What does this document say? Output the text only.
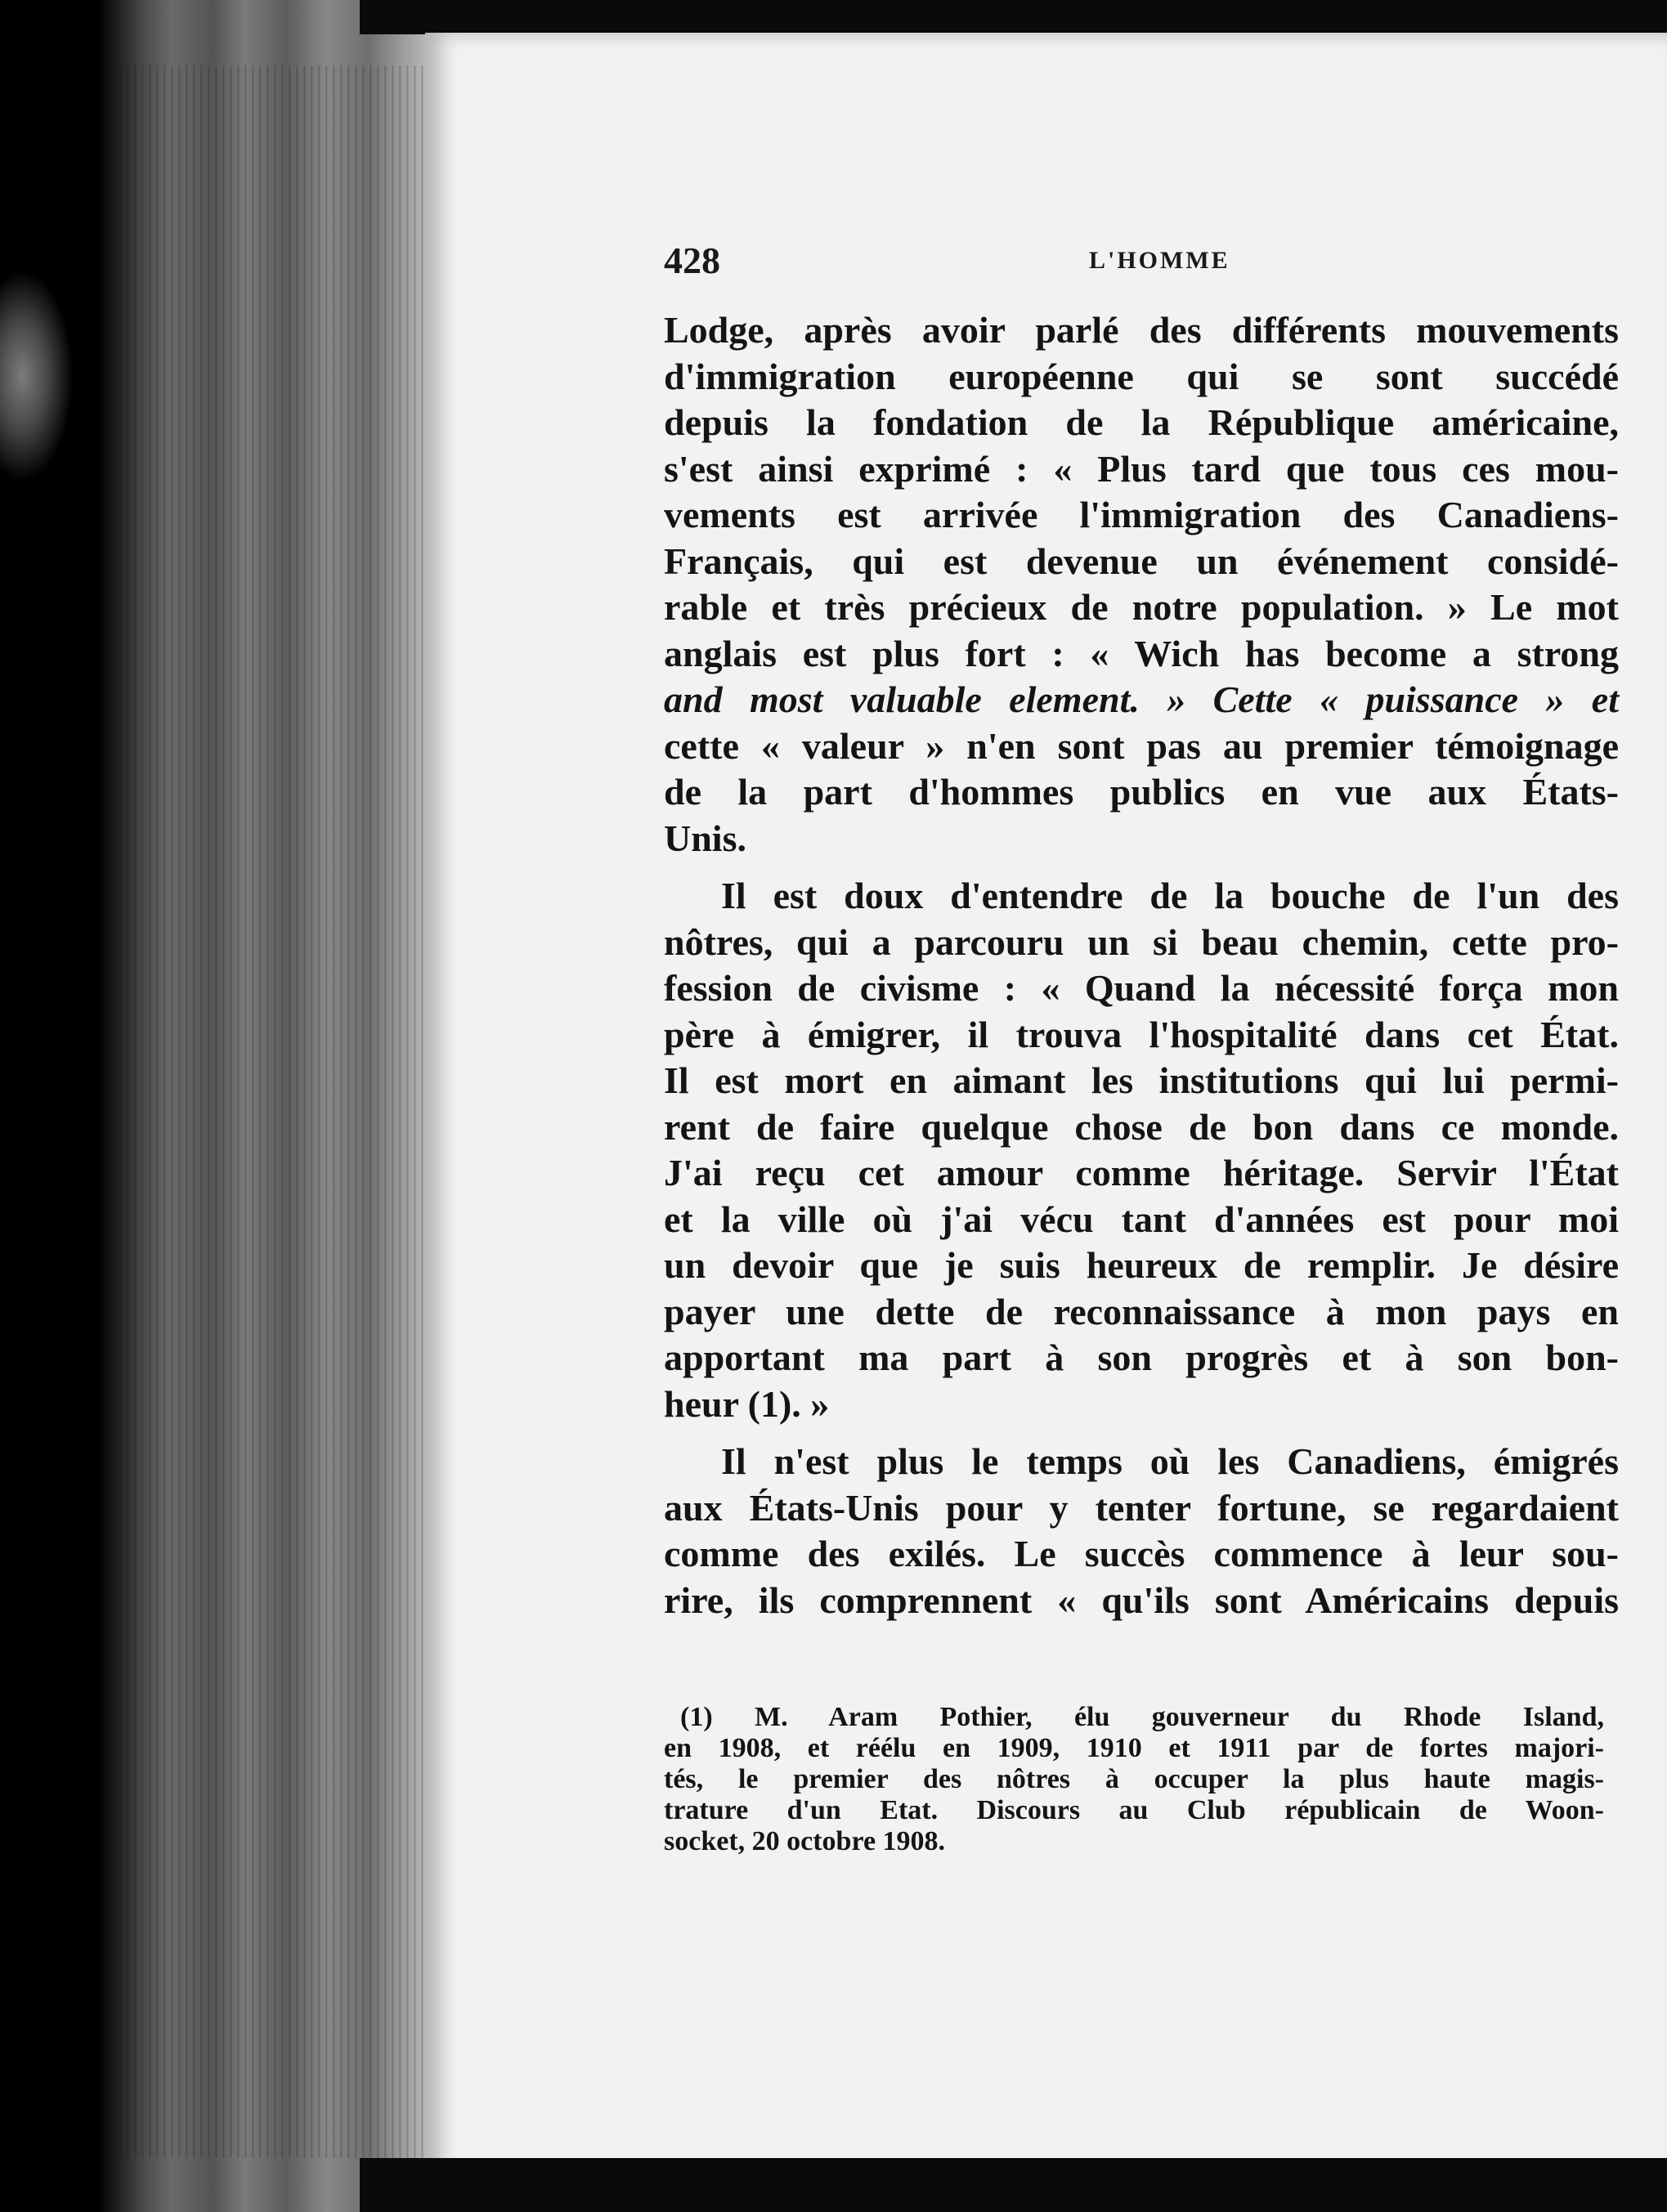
428	L'HOMME

Lodge, après avoir parlé des différents mouvements
d'immigration européenne qui se sont succédé
depuis la fondation de la République américaine,
s'est ainsi exprimé : « Plus tard que tous ces mou-
vements est arrivée l'immigration des Canadiens-
Français, qui est devenue un événement considé-
rable et très précieux de notre population. » Le mot
anglais est plus fort : « Wich has become a strong
and most valuable element. » Cette « puissance » et
cette « valeur » n'en sont pas au premier témoignage
de la part d'hommes publics en vue aux États-
Unis.

Il est doux d'entendre de la bouche de l'un des
nôtres, qui a parcouru un si beau chemin, cette pro-
fession de civisme : « Quand la nécessité força mon
père à émigrer, il trouva l'hospitalité dans cet État.
Il est mort en aimant les institutions qui lui permi-
rent de faire quelque chose de bon dans ce monde.
J'ai reçu cet amour comme héritage. Servir l'État
et la ville où j'ai vécu tant d'années est pour moi
un devoir que je suis heureux de remplir. Je désire
payer une dette de reconnaissance à mon pays en
apportant ma part à son progrès et à son bon-
heur (1). »

Il n'est plus le temps où les Canadiens, émigrés
aux États-Unis pour y tenter fortune, se regardaient
comme des exilés. Le succès commence à leur sou-
rire, ils comprennent « qu'ils sont Américains depuis

(1) M. Aram Pothier, élu gouverneur du Rhode Island,
en 1908, et réélu en 1909, 1910 et 1911 par de fortes majori-
tés, le premier des nôtres à occuper la plus haute magis-
trature d'un Etat. Discours au Club républicain de Woon-
socket, 20 octobre 1908.
